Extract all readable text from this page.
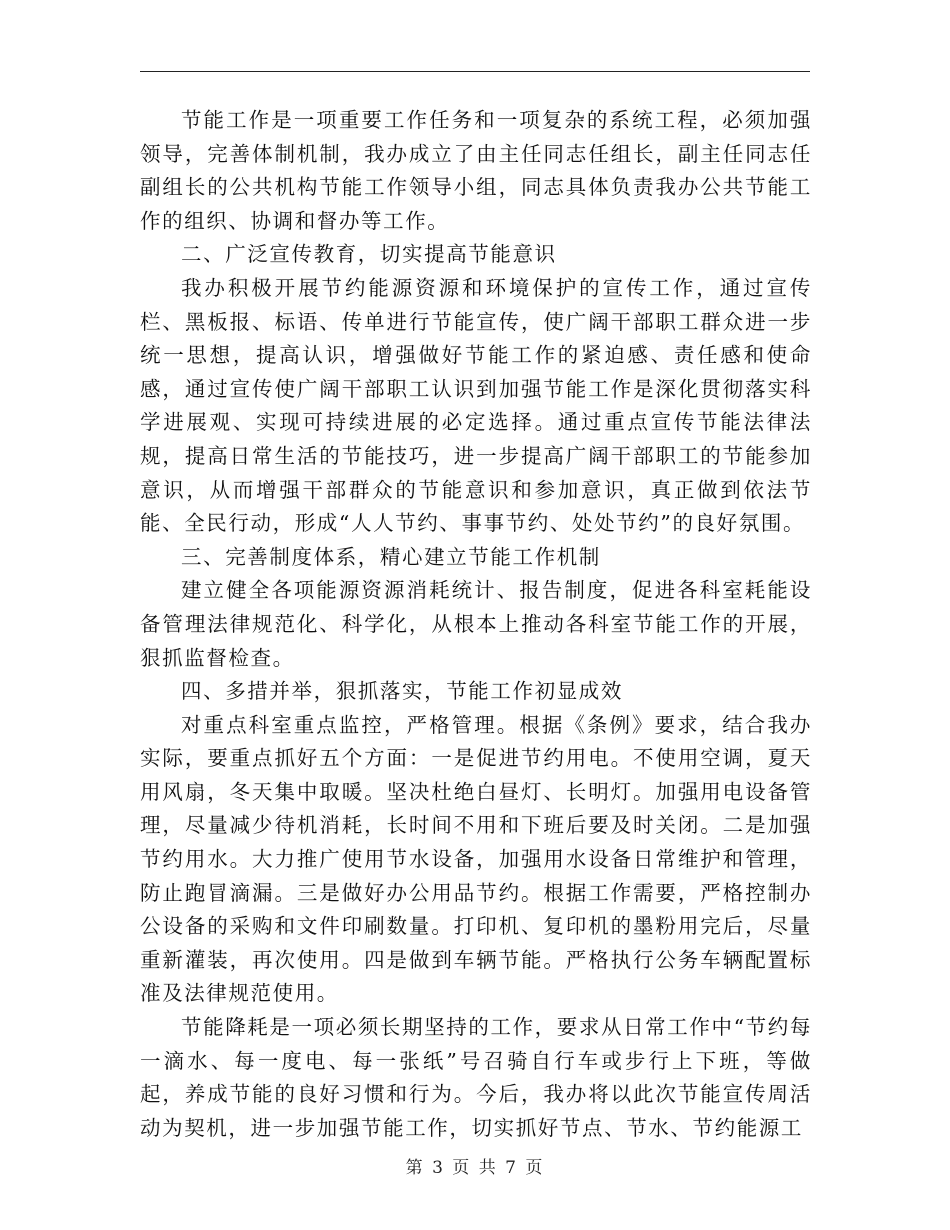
节能工作是一项重要工作任务和一项复杂的系统工程，必须加强领导，完善体制机制，我办成立了由主任同志任组长，副主任同志任副组长的公共机构节能工作领导小组，同志具体负责我办公共节能工作的组织、协调和督办等工作。

二、广泛宣传教育，切实提高节能意识

我办积极开展节约能源资源和环境保护的宣传工作，通过宣传栏、黑板报、标语、传单进行节能宣传，使广阔干部职工群众进一步统一思想，提高认识，增强做好节能工作的紧迫感、责任感和使命感，通过宣传使广阔干部职工认识到加强节能工作是深化贯彻落实科学进展观、实现可持续进展的必定选择。通过重点宣传节能法律法规，提高日常生活的节能技巧，进一步提高广阔干部职工的节能参加意识，从而增强干部群众的节能意识和参加意识，真正做到依法节能、全民行动，形成“人人节约、事事节约、处处节约”的良好氛围。

三、完善制度体系，精心建立节能工作机制

建立健全各项能源资源消耗统计、报告制度，促进各科室耗能设备管理法律规范化、科学化，从根本上推动各科室节能工作的开展，狠抓监督检查。

四、多措并举，狠抓落实，节能工作初显成效

对重点科室重点监控，严格管理。根据《条例》要求，结合我办实际，要重点抓好五个方面：一是促进节约用电。不使用空调，夏天用风扇，冬天集中取暖。坚决杜绝白昼灯、长明灯。加强用电设备管理，尽量减少待机消耗，长时间不用和下班后要及时关闭。二是加强节约用水。大力推广使用节水设备，加强用水设备日常维护和管理，防止跑冒滴漏。三是做好办公用品节约。根据工作需要，严格控制办公设备的采购和文件印刷数量。打印机、复印机的墨粉用完后，尽量重新灌装，再次使用。四是做到车辆节能。严格执行公务车辆配置标准及法律规范使用。

节能降耗是一项必须长期坚持的工作，要求从日常工作中“节约每一滴水、每一度电、每一张纸”号召骑自行车或步行上下班，等做起，养成节能的良好习惯和行为。今后，我办将以此次节能宣传周活动为契机，进一步加强节能工作，切实抓好节点、节水、节约能源工

第 3 页 共 7 页
